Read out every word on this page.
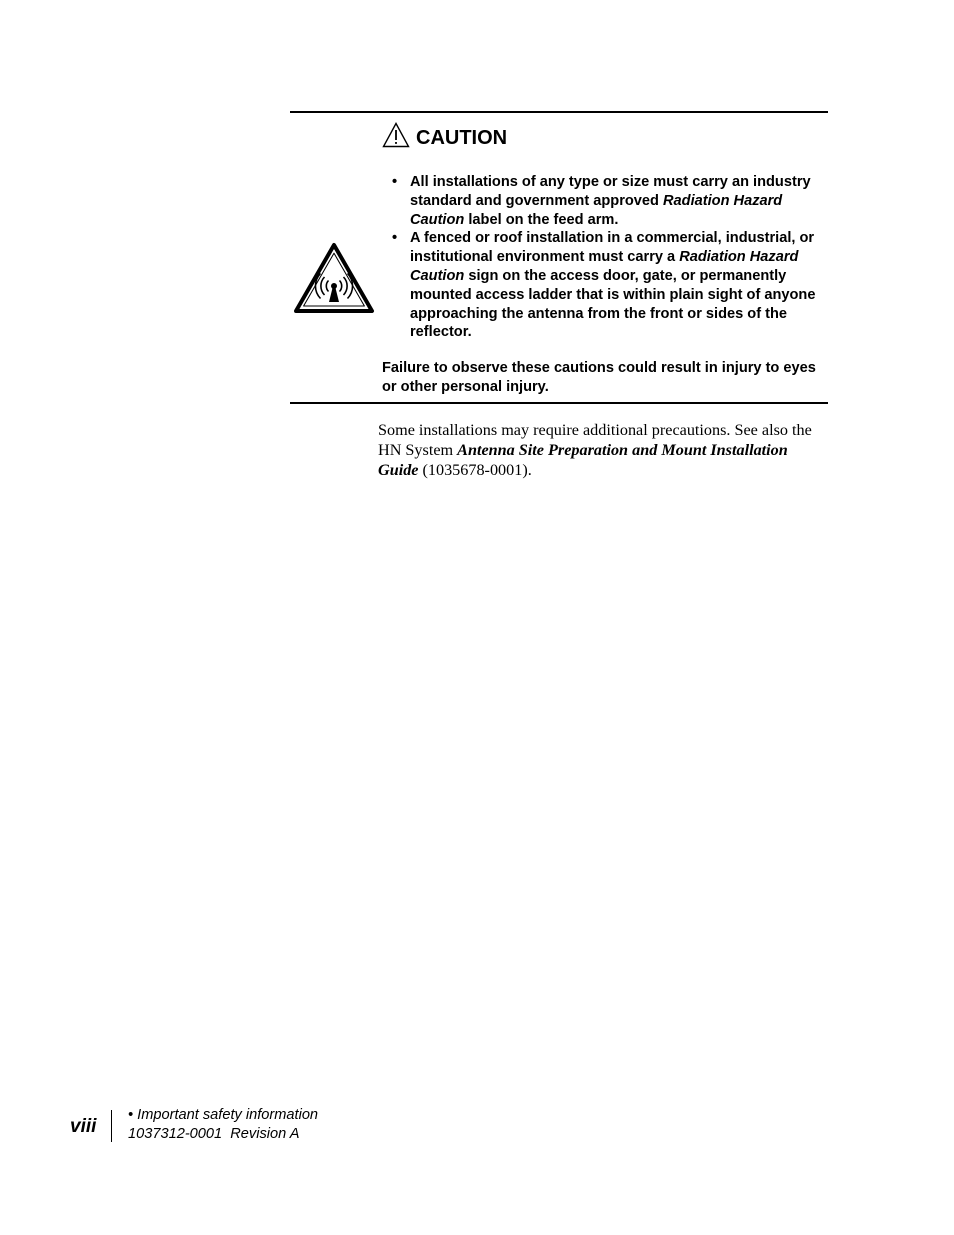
CAUTION
• All installations of any type or size must carry an industry standard and government approved Radiation Hazard Caution label on the feed arm.
• A fenced or roof installation in a commercial, industrial, or institutional environment must carry a Radiation Hazard Caution sign on the access door, gate, or permanently mounted access ladder that is within plain sight of anyone approaching the antenna from the front or sides of the reflector.
Failure to observe these cautions could result in injury to eyes or other personal injury.

Some installations may require additional precautions. See also the HN System Antenna Site Preparation and Mount Installation Guide (1035678-0001).

viii
• Important safety information
1037312-0001  Revision A
